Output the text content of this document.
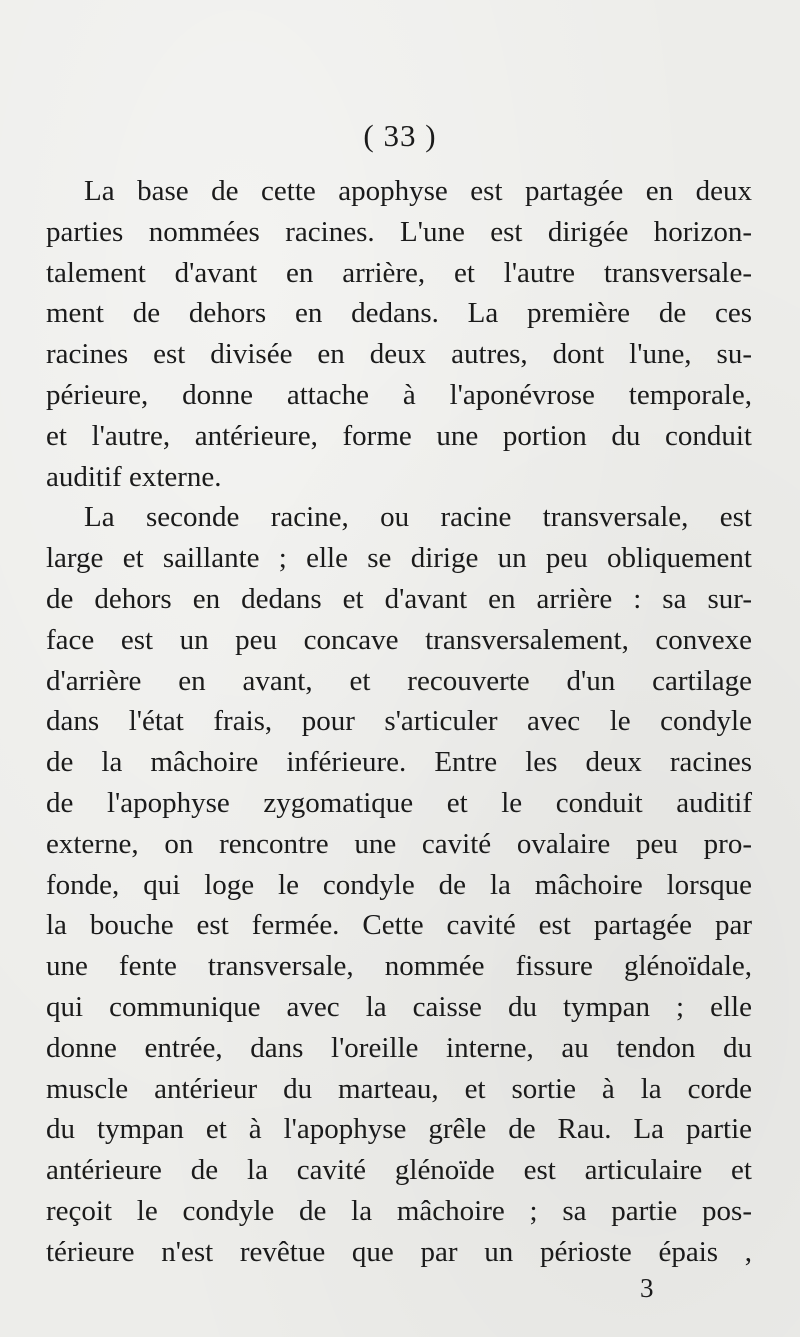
( 33 )
La base de cette apophyse est partagée en deux
parties nommées racines. L'une est dirigée horizon-
talement d'avant en arrière, et l'autre transversale-
ment de dehors en dedans. La première de ces
racines est divisée en deux autres, dont l'une, su-
périeure, donne attache à l'aponévrose temporale,
et l'autre, antérieure, forme une portion du conduit
auditif externe.
La seconde racine, ou racine transversale, est
large et saillante ; elle se dirige un peu obliquement
de dehors en dedans et d'avant en arrière : sa sur-
face est un peu concave transversalement, convexe
d'arrière en avant, et recouverte d'un cartilage
dans l'état frais, pour s'articuler avec le condyle
de la mâchoire inférieure. Entre les deux racines
de l'apophyse zygomatique et le conduit auditif
externe, on rencontre une cavité ovalaire peu pro-
fonde, qui loge le condyle de la mâchoire lorsque
la bouche est fermée. Cette cavité est partagée par
une fente transversale, nommée fissure glénoïdale,
qui communique avec la caisse du tympan ; elle
donne entrée, dans l'oreille interne, au tendon du
muscle antérieur du marteau, et sortie à la corde
du tympan et à l'apophyse grêle de Rau. La partie
antérieure de la cavité glénoïde est articulaire et
reçoit le condyle de la mâchoire ; sa partie pos-
térieure n'est revêtue que par un périoste épais ,
3
